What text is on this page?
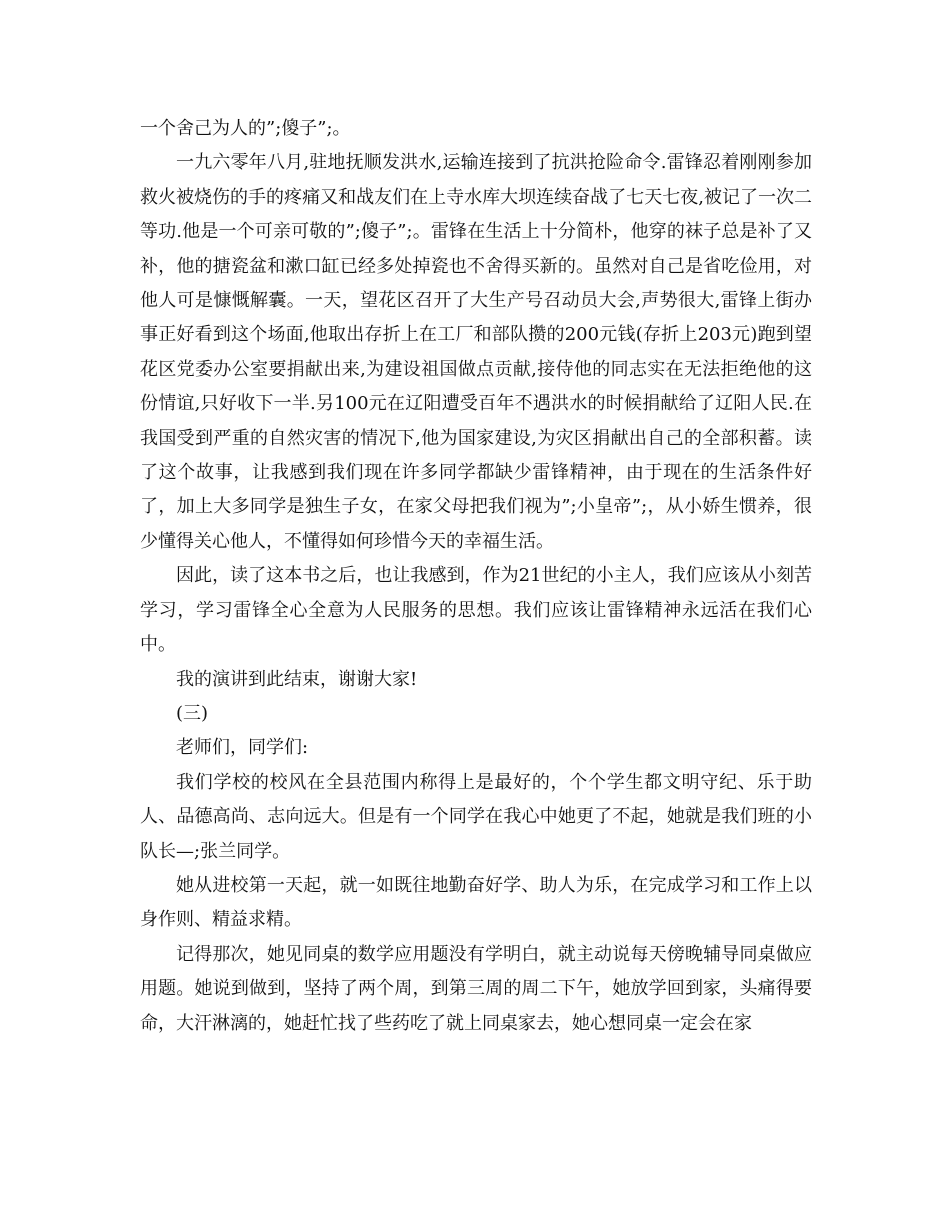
一个舍己为人的”;傻子”;。

一九六零年八月,驻地抚顺发洪水,运输连接到了抗洪抢险命令.雷锋忍着刚刚参加救火被烧伤的手的疼痛又和战友们在上寺水库大坝连续奋战了七天七夜,被记了一次二等功.他是一个可亲可敬的”;傻子”;。雷锋在生活上十分简朴，他穿的袜子总是补了又补，他的搪瓷盆和漱口缸已经多处掉瓷也不舍得买新的。虽然对自己是省吃俭用，对他人可是慷慨解囊。一天，望花区召开了大生产号召动员大会,声势很大,雷锋上街办事正好看到这个场面,他取出存折上在工厂和部队攒的200元钱(存折上203元)跑到望花区党委办公室要捐献出来,为建设祖国做点贡献,接侍他的同志实在无法拒绝他的这份情谊,只好收下一半.另100元在辽阳遭受百年不遇洪水的时候捐献给了辽阳人民.在我国受到严重的自然灾害的情况下,他为国家建设,为灾区捐献出自己的全部积蓄。读了这个故事，让我感到我们现在许多同学都缺少雷锋精神，由于现在的生活条件好了，加上大多同学是独生子女，在家父母把我们视为”;小皇帝”;，从小娇生惯养，很少懂得关心他人，不懂得如何珍惜今天的幸福生活。

因此，读了这本书之后，也让我感到，作为21世纪的小主人，我们应该从小刻苦学习，学习雷锋全心全意为人民服务的思想。我们应该让雷锋精神永远活在我们心中。

我的演讲到此结束，谢谢大家!

(三)

老师们，同学们:

我们学校的校风在全县范围内称得上是最好的，个个学生都文明守纪、乐于助人、品德高尚、志向远大。但是有一个同学在我心中她更了不起，她就是我们班的小队长—;张兰同学。

她从进校第一天起，就一如既往地勤奋好学、助人为乐，在完成学习和工作上以身作则、精益求精。

记得那次，她见同桌的数学应用题没有学明白，就主动说每天傍晚辅导同桌做应用题。她说到做到，坚持了两个周，到第三周的周二下午，她放学回到家，头痛得要命，大汗淋漓的，她赶忙找了些药吃了就上同桌家去，她心想同桌一定会在家
